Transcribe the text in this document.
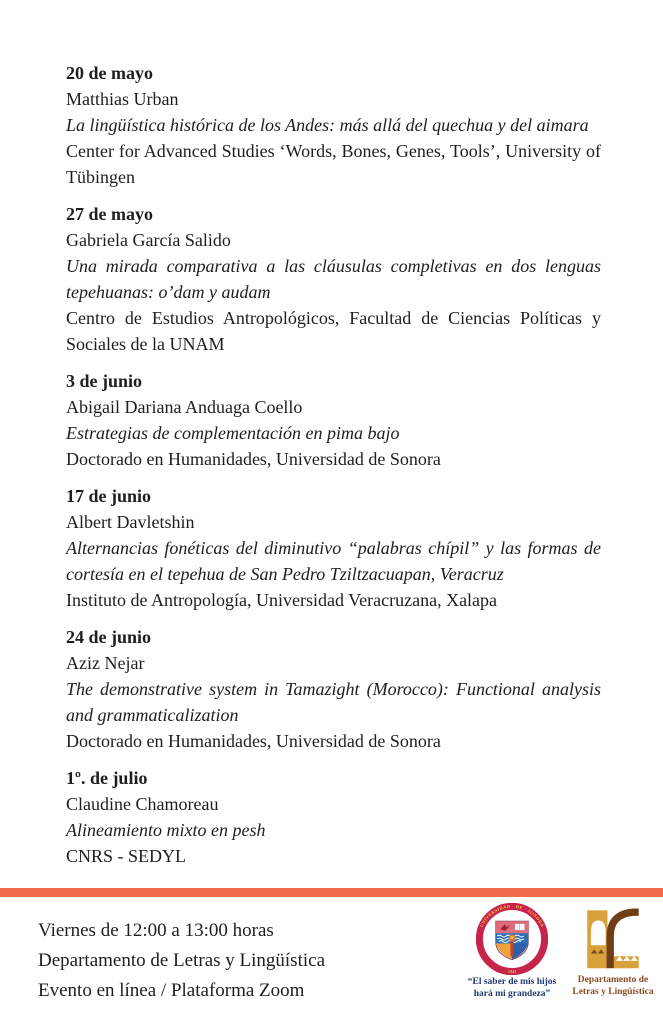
20 de mayo

Matthias Urban

La lingüística histórica de los Andes: más allá del quechua y del aimara

Center for Advanced Studies ‘Words, Bones, Genes, Tools’, University of Tübingen

27 de mayo

Gabriela García Salido

Una mirada comparativa a las cláusulas completivas en dos lenguas tepehuanas: o’dam y audam

Centro de Estudios Antropológicos, Facultad de Ciencias Políticas y Sociales de la UNAM

3 de junio

Abigail Dariana Anduaga Coello

Estrategias de complementación en pima bajo

Doctorado en Humanidades, Universidad de Sonora

17 de junio

Albert Davletshin

Alternancias fonéticas del diminutivo “palabras chípil” y las formas de cortesía en el tepehua de San Pedro Tziltzacuapan, Veracruz

Instituto de Antropología, Universidad Veracruzana, Xalapa

24 de junio

Aziz Nejar

The demonstrative system in Tamazight (Morocco): Functional analysis and grammaticalization

Doctorado en Humanidades, Universidad de Sonora

1º. de julio

Claudine Chamoreau

Alineamiento mixto en pesh

CNRS - SEDYL

Viernes de 12:00 a 13:00 horas
Departamento de Letras y Lingüística
Evento en línea / Plataforma Zoom
UNIVERSIDAD · DE · SONORA
1942
“El saber de mis hijos
hará mi grandeza”
Departamento de
Letras y Lingüística
